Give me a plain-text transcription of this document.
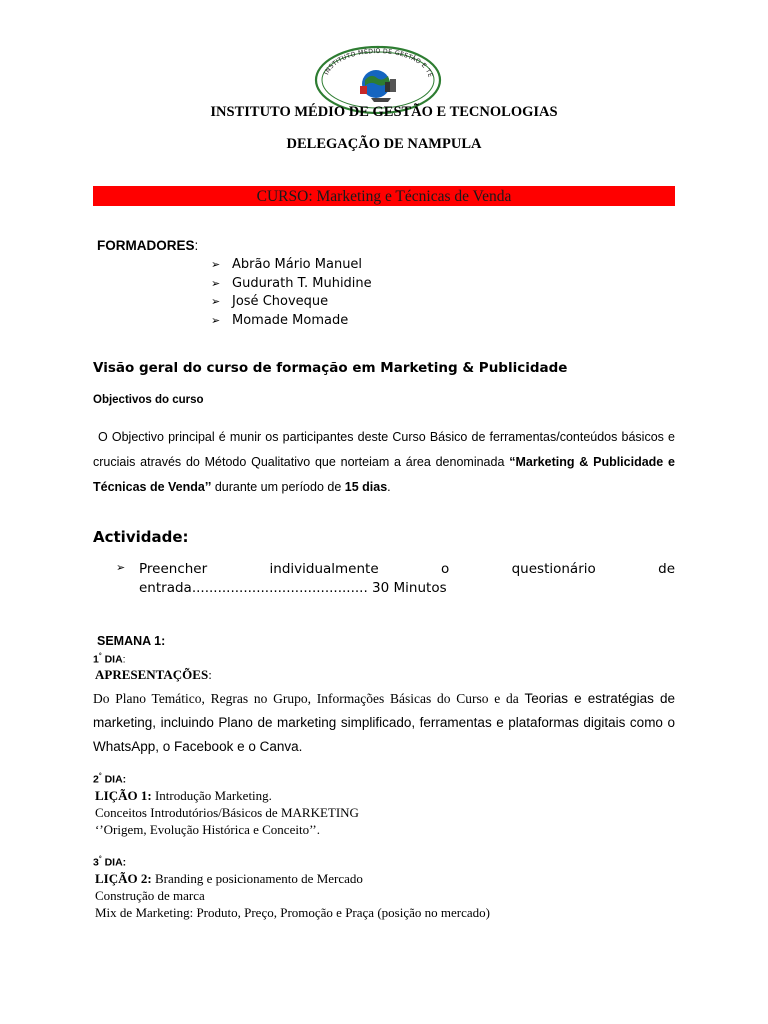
INSTITUTO MÉDIO DE GESTÃO E TE
INSTITUTO MÉDIO DE GESTÃO E TECNOLOGIAS
DELEGAÇÃO DE NAMPULA
CURSO: Marketing e Técnicas de Venda
FORMADORES:
➢ Abrão Mário Manuel
➢ Gudurath T. Muhidine
➢ José Choveque
➢ Momade Momade
Visão geral do curso de formação em Marketing & Publicidade
Objectivos do curso
O Objectivo principal é munir os participantes deste Curso Básico de ferramentas/conteúdos básicos e cruciais através do Método Qualitativo que norteiam a área denominada “Marketing & Publicidade e Técnicas de Venda’’ durante um período de 15 dias.
Actividade:
➢	Preencher	individualmente	o	questionário	de
entrada......................................... 30 Minutos
SEMANA 1:
1° DIA:
APRESENTAÇÕES:
Do Plano Temático, Regras no Grupo, Informações Básicas do Curso e da Teorias e estratégias de marketing, incluindo Plano de marketing simplificado, ferramentas e plataformas digitais como o WhatsApp, o Facebook e o Canva.
2° DIA:
LIÇÃO 1: Introdução Marketing.
Conceitos Introdutórios/Básicos de MARKETING
‘’Origem, Evolução Histórica e Conceito’’.
3° DIA:
LIÇÃO 2: Branding e posicionamento de Mercado
Construção de marca
Mix de Marketing: Produto, Preço, Promoção e Praça (posição no mercado)
